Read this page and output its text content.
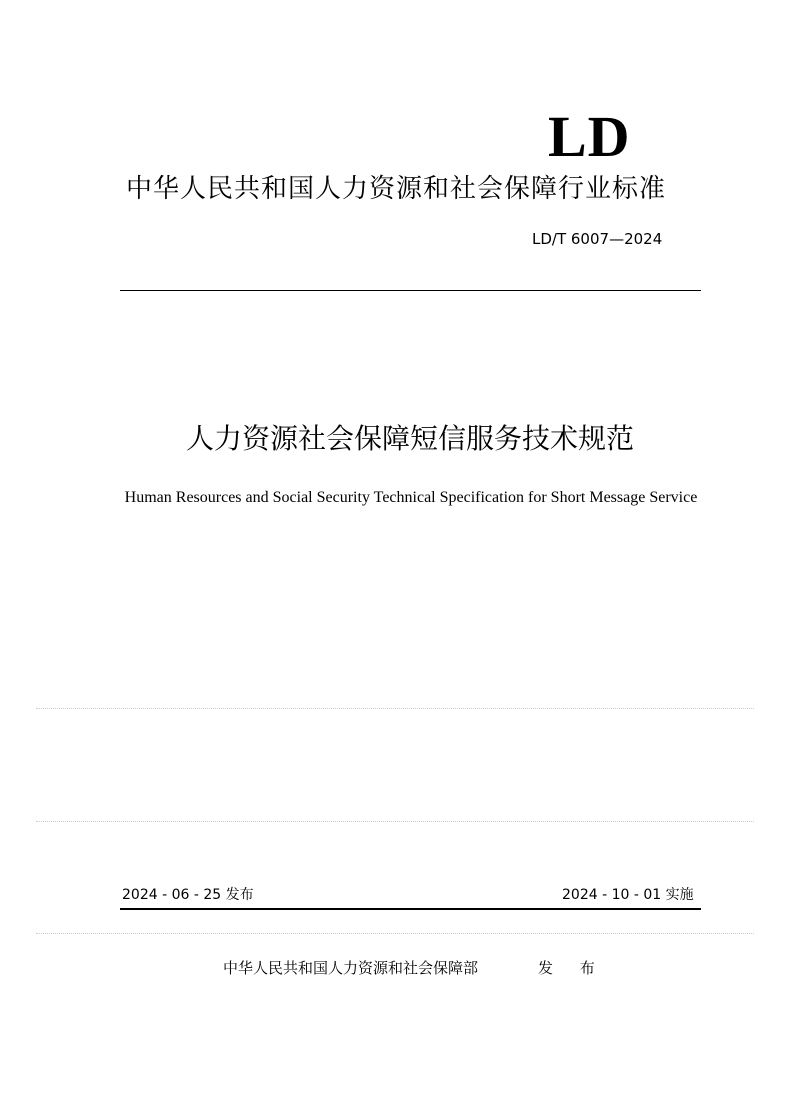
LD
中华人民共和国人力资源和社会保障行业标准
LD/T 6007—2024
人力资源社会保障短信服务技术规范
Human Resources and Social Security Technical Specification for Short Message Service
2024 - 06 - 25 发布	2024 - 10 - 01 实施
中华人民共和国人力资源和社会保障部	发 布
